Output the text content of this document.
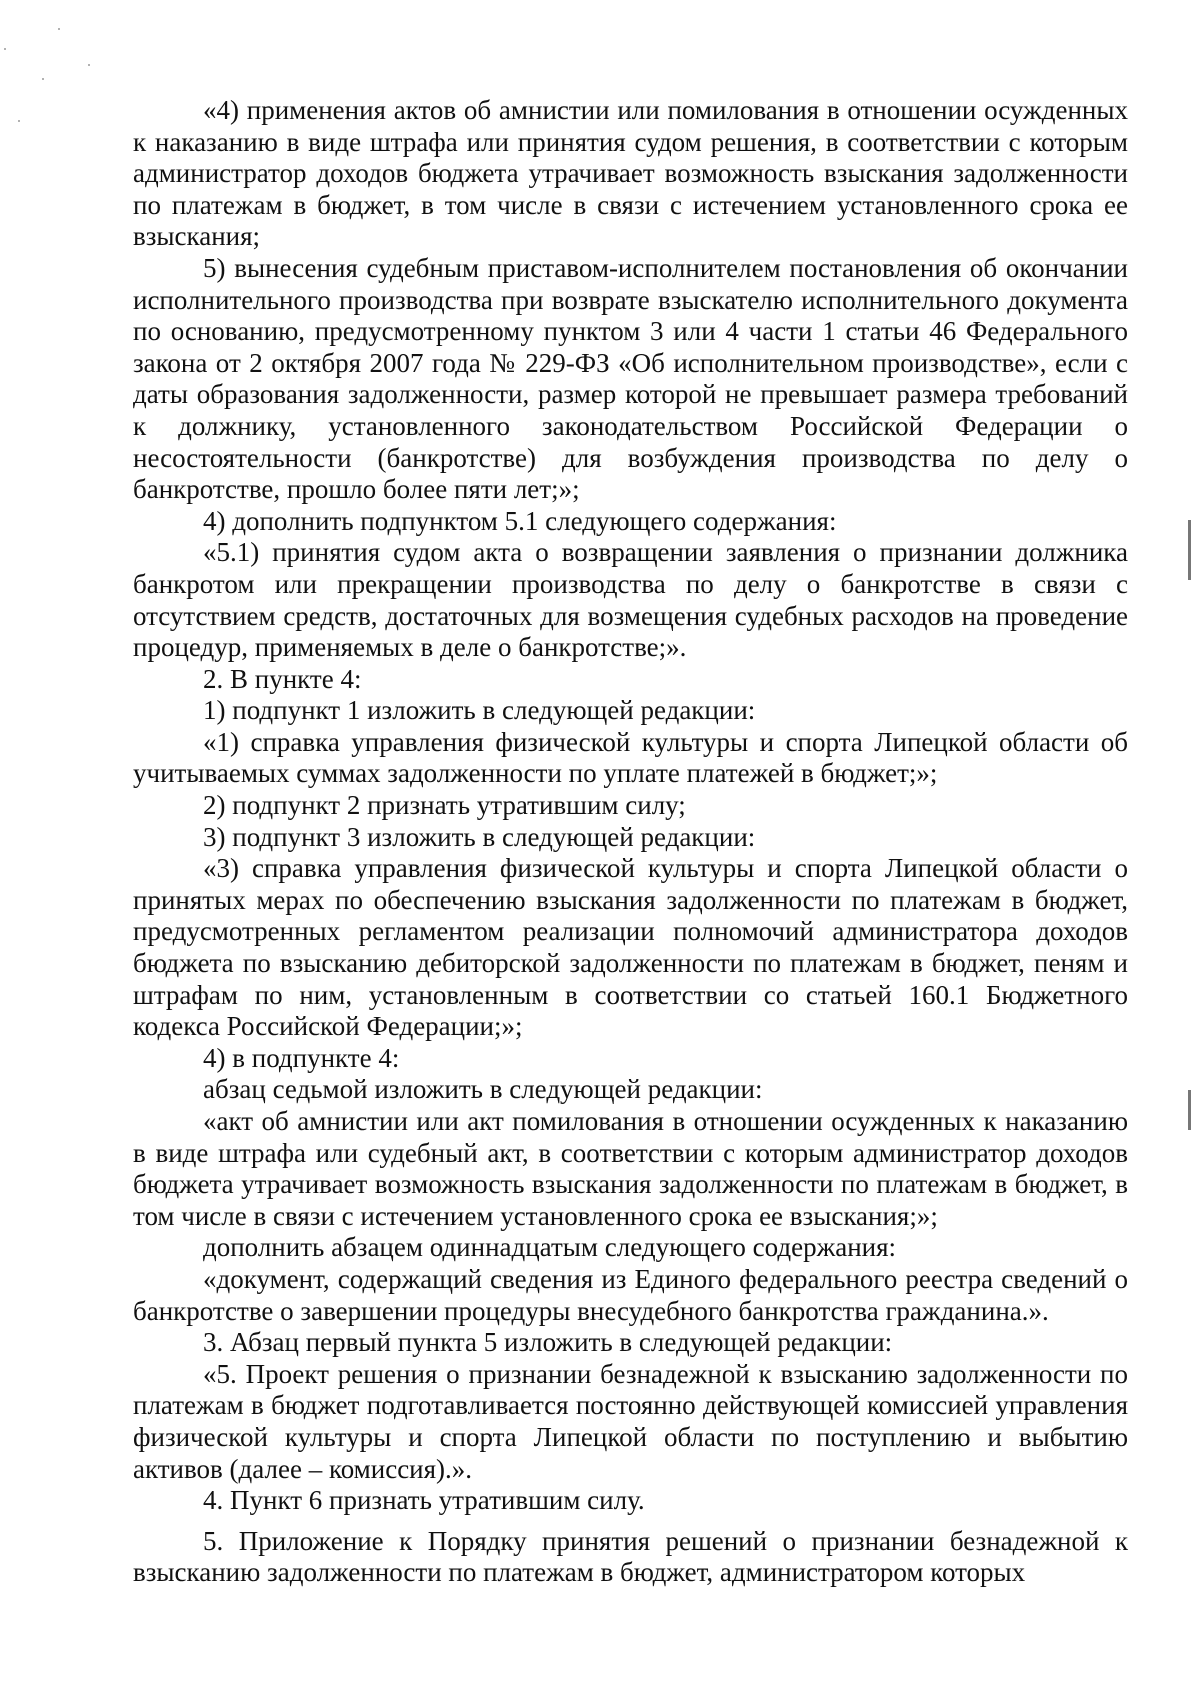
«4) применения актов об амнистии или помилования в отношении осужденных к наказанию в виде штрафа или принятия судом решения, в соответствии с которым администратор доходов бюджета утрачивает возможность взыскания задолженности по платежам в бюджет, в том числе в связи с истечением установленного срока ее взыскания;

5) вынесения судебным приставом-исполнителем постановления об окончании исполнительного производства при возврате взыскателю исполнительного документа по основанию, предусмотренному пунктом 3 или 4 части 1 статьи 46 Федерального закона от 2 октября 2007 года № 229-ФЗ «Об исполнительном производстве», если с даты образования задолженности, размер которой не превышает размера требований к должнику, установленного законодательством Российской Федерации о несостоятельности (банкротстве) для возбуждения производства по делу о банкротстве, прошло более пяти лет;»;

4) дополнить подпунктом 5.1 следующего содержания:

«5.1) принятия судом акта о возвращении заявления о признании должника банкротом или прекращении производства по делу о банкротстве в связи с отсутствием средств, достаточных для возмещения судебных расходов на проведение процедур, применяемых в деле о банкротстве;».

2. В пункте 4:

1) подпункт 1 изложить в следующей редакции:

«1) справка управления физической культуры и спорта Липецкой области об учитываемых суммах задолженности по уплате платежей в бюджет;»;

2) подпункт 2 признать утратившим силу;

3) подпункт 3 изложить в следующей редакции:

«3) справка управления физической культуры и спорта Липецкой области о принятых мерах по обеспечению взыскания задолженности по платежам в бюджет, предусмотренных регламентом реализации полномочий администратора доходов бюджета по взысканию дебиторской задолженности по платежам в бюджет, пеням и штрафам по ним, установленным в соответствии со статьей 160.1 Бюджетного кодекса Российской Федерации;»;

4) в подпункте 4:

абзац седьмой изложить в следующей редакции:

«акт об амнистии или акт помилования в отношении осужденных к наказанию в виде штрафа или судебный акт, в соответствии с которым администратор доходов бюджета утрачивает возможность взыскания задолженности по платежам в бюджет, в том числе в связи с истечением установленного срока ее взыскания;»;

дополнить абзацем одиннадцатым следующего содержания:

«документ, содержащий сведения из Единого федерального реестра сведений о банкротстве о завершении процедуры внесудебного банкротства гражданина.».

3. Абзац первый пункта 5 изложить в следующей редакции:

«5. Проект решения о признании безнадежной к взысканию задолженности по платежам в бюджет подготавливается постоянно действующей комиссией управления физической культуры и спорта Липецкой области по поступлению и выбытию активов (далее – комиссия).».

4. Пункт 6 признать утратившим силу.

5. Приложение к Порядку принятия решений о признании безнадежной к взысканию задолженности по платежам в бюджет, администратором которых
